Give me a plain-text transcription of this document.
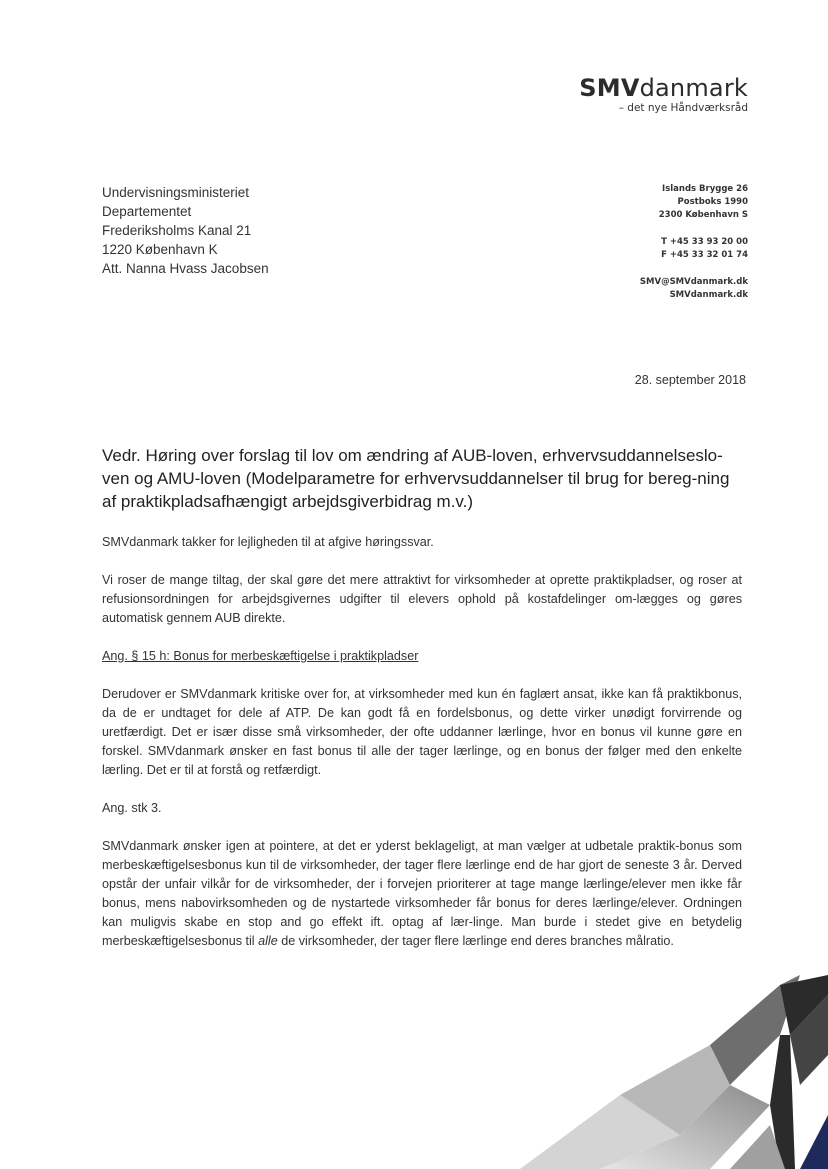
SMVdanmark
– det nye Håndværksråd
Undervisningsministeriet
Departementet
Frederiksholms Kanal 21
1220 København K
Att. Nanna Hvass Jacobsen
Islands Brygge 26
Postboks 1990
2300 København S
T +45 33 93 20 00
F +45 33 32 01 74
SMV@SMVdanmark.dk
SMVdanmark.dk
28. september 2018
Vedr. Høring over forslag til lov om ændring af AUB-loven, erhvervsuddannelseslo-ven og AMU-loven (Modelparametre for erhvervsuddannelser til brug for bereg-ning af praktikpladsafhængigt arbejdsgiverbidrag m.v.)

SMVdanmark takker for lejligheden til at afgive høringssvar.

Vi roser de mange tiltag, der skal gøre det mere attraktivt for virksomheder at oprette praktikpladser, og roser at refusionsordningen for arbejdsgivernes udgifter til elevers ophold på kostafdelinger om-lægges og gøres automatisk gennem AUB direkte.

Ang. § 15 h: Bonus for merbeskæftigelse i praktikpladser

Derudover er SMVdanmark kritiske over for, at virksomheder med kun én faglært ansat, ikke kan få praktikbonus, da de er undtaget for dele af ATP. De kan godt få en fordelsbonus, og dette virker unødigt forvirrende og uretfærdigt. Det er især disse små virksomheder, der ofte uddanner lærlinge, hvor en bonus vil kunne gøre en forskel. SMVdanmark ønsker en fast bonus til alle der tager lærlinge, og en bonus der følger med den enkelte lærling. Det er til at forstå og retfærdigt.

Ang. stk 3.

SMVdanmark ønsker igen at pointere, at det er yderst beklageligt, at man vælger at udbetale praktik-bonus som merbeskæftigelsesbonus kun til de virksomheder, der tager flere lærlinge end de har gjort de seneste 3 år. Derved opstår der unfair vilkår for de virksomheder, der i forvejen prioriterer at tage mange lærlinge/elever men ikke får bonus, mens nabovirksomheden og de nystartede virksomheder får bonus for deres lærlinge/elever. Ordningen kan muligvis skabe en stop and go effekt ift. optag af lær-linge. Man burde i stedet give en betydelig merbeskæftigelsesbonus til alle de virksomheder, der tager flere lærlinge end deres branches målratio.
